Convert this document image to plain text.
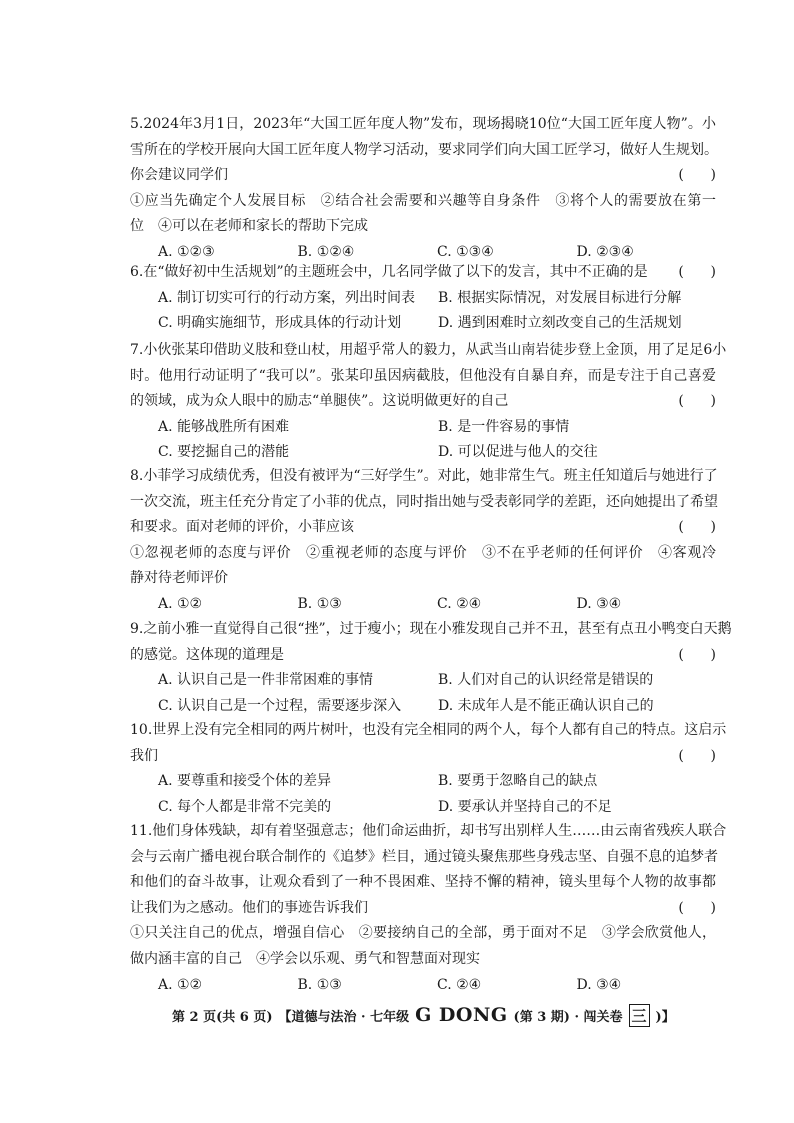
5.2024年3月1日，2023年“大国工匠年度人物”发布，现场揭晓10位“大国工匠年度人物”。小
雪所在的学校开展向大国工匠年度人物学习活动，要求同学们向大国工匠学习，做好人生规划。
你会建议同学们	(      )
①应当先确定个人发展目标　②结合社会需要和兴趣等自身条件　③将个人的需要放在第一
位　④可以在老师和家长的帮助下完成
A. ①②③	B. ①②④	C. ①③④	D. ②③④
6.在“做好初中生活规划”的主题班会中，几名同学做了以下的发言，其中不正确的是	(      )
A. 制订切实可行的行动方案，列出时间表	B. 根据实际情况，对发展目标进行分解
C. 明确实施细节，形成具体的行动计划	D. 遇到困难时立刻改变自己的生活规划
7.小伙张某印借助义肢和登山杖，用超乎常人的毅力，从武当山南岩徒步登上金顶，用了足足6小
时。他用行动证明了“我可以”。张某印虽因病截肢，但他没有自暴自弃，而是专注于自己喜爱
的领域，成为众人眼中的励志“单腿侠”。这说明做更好的自己	(      )
A. 能够战胜所有困难	B. 是一件容易的事情
C. 要挖掘自己的潜能	D. 可以促进与他人的交往
8.小菲学习成绩优秀，但没有被评为“三好学生”。对此，她非常生气。班主任知道后与她进行了
一次交流，班主任充分肯定了小菲的优点，同时指出她与受表彰同学的差距，还向她提出了希望
和要求。面对老师的评价，小菲应该	(      )
①忽视老师的态度与评价　②重视老师的态度与评价　③不在乎老师的任何评价　④客观冷
静对待老师评价
A. ①②	B. ①③	C. ②④	D. ③④
9.之前小雅一直觉得自己很“挫”，过于瘦小；现在小雅发现自己并不丑，甚至有点丑小鸭变白天鹅
的感觉。这体现的道理是	(      )
A. 认识自己是一件非常困难的事情	B. 人们对自己的认识经常是错误的
C. 认识自己是一个过程，需要逐步深入	D. 未成年人是不能正确认识自己的
10.世界上没有完全相同的两片树叶，也没有完全相同的两个人，每个人都有自己的特点。这启示
我们	(      )
A. 要尊重和接受个体的差异	B. 要勇于忽略自己的缺点
C. 每个人都是非常不完美的	D. 要承认并坚持自己的不足
11.他们身体残缺，却有着坚强意志；他们命运曲折，却书写出别样人生……由云南省残疾人联合
会与云南广播电视台联合制作的《追梦》栏目，通过镜头聚焦那些身残志坚、自强不息的追梦者
和他们的奋斗故事，让观众看到了一种不畏困难、坚持不懈的精神，镜头里每个人物的故事都
让我们为之感动。他们的事迹告诉我们	(      )
①只关注自己的优点，增强自信心　②要接纳自己的全部，勇于面对不足　③学会欣赏他人，
做内涵丰富的自己　④学会以乐观、勇气和智慧面对现实
A. ①②	B. ①③	C. ②④	D. ③④
第 2 页(共 6 页) 【道德与法治 · 七年级 G DONG (第 3 期) · 闯关卷 三 )】
